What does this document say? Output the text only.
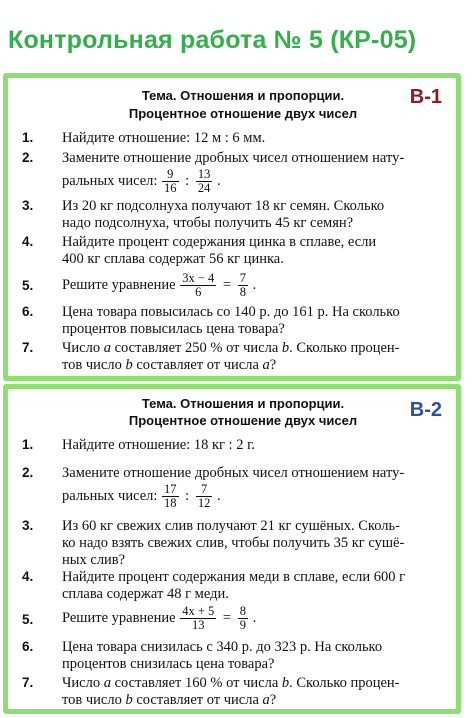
Контрольная работа № 5 (КР-05)
Тема. Отношения и пропорции.
Процентное отношение двух чисел
В-1
1. Найдите отношение: 12 м : 6 мм.
2. Замените отношение дробных чисел отношением нату-
ральных чисел: $\frac{9}{16}$ : $\frac{13}{24}$ .
3. Из 20 кг подсолнуха получают 18 кг семян. Сколько
надо подсолнуха, чтобы получить 45 кг семян?
4. Найдите процент содержания цинка в сплаве, если
400 кг сплава содержат 56 кг цинка.
5. Решите уравнение $\frac{3x - 4}{6} = \frac{7}{8}$ .
6. Цена товара повысилась со 140 р. до 161 р. На сколько
процентов повысилась цена товара?
7. Число a составляет 250 % от числа b. Сколько процен-
тов число b составляет от числа a?
Тема. Отношения и пропорции.
Процентное отношение двух чисел	В-2
1. Найдите отношение: 18 кг : 2 г.
2. Замените отношение дробных чисел отношением нату-
ральных чисел: $\frac{17}{18}$ : $\frac{7}{12}$ .
3. Из 60 кг свежих слив получают 21 кг сушёных. Сколь-
ко надо взять свежих слив, чтобы получить 35 кг сушё-
ных слив?
4. Найдите процент содержания меди в сплаве, если 600 г
сплава содержат 48 г меди.
5. Решите уравнение $\frac{4x + 5}{13} = \frac{8}{9}$ .
6. Цена товара снизилась с 340 р. до 323 р. На сколько
процентов снизилась цена товара?
7. Число a составляет 160 % от числа b. Сколько процен-
тов число b составляет от числа a?
